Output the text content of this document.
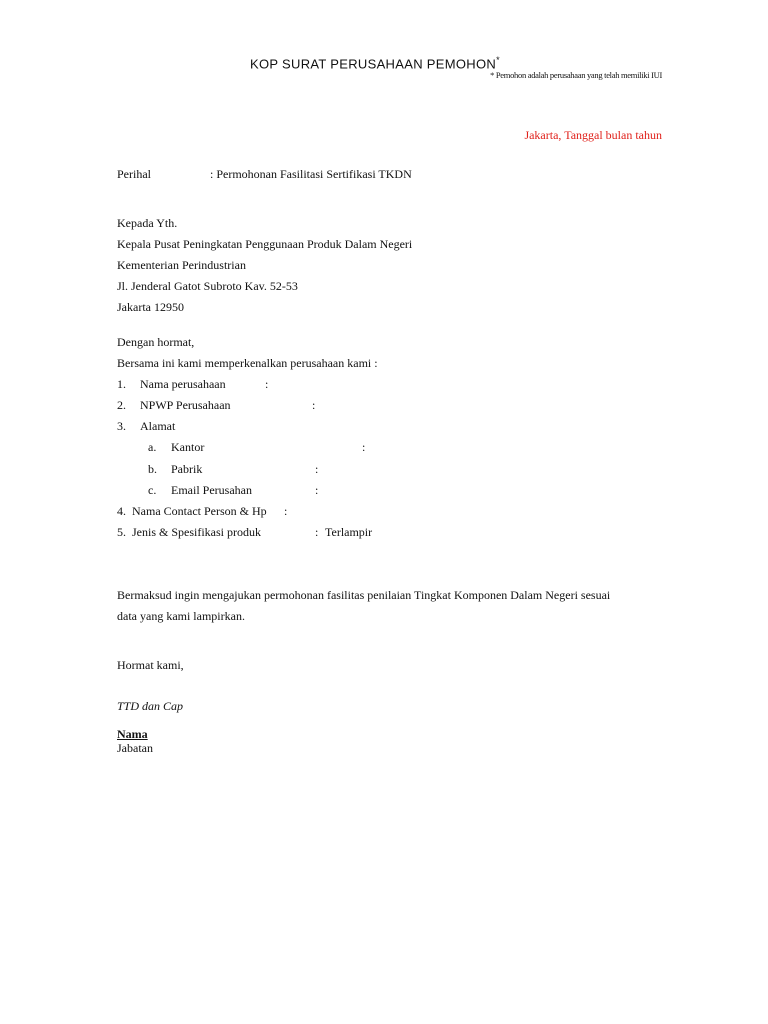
KOP SURAT PERUSAHAAN PEMOHON*
* Pemohon adalah perusahaan yang telah memiliki IUI
Jakarta, Tanggal bulan tahun
Perihal	: Permohonan Fasilitasi Sertifikasi TKDN
Kepada Yth.
Kepala Pusat Peningkatan Penggunaan Produk Dalam Negeri
Kementerian Perindustrian
Jl. Jenderal Gatot Subroto Kav. 52-53
Jakarta 12950
Dengan hormat,
Bersama ini kami memperkenalkan perusahaan kami :
1. Nama perusahaan	:
2. NPWP Perusahaan	:
3. Alamat
a. Kantor	:
b. Pabrik	:
c. Email Perusahan	:
4. Nama Contact Person & Hp :
5. Jenis & Spesifikasi produk	: Terlampir
Bermaksud ingin mengajukan permohonan fasilitas penilaian Tingkat Komponen Dalam Negeri sesuai
data yang kami lampirkan.
Hormat kami,
TTD dan Cap
Nama
Jabatan
